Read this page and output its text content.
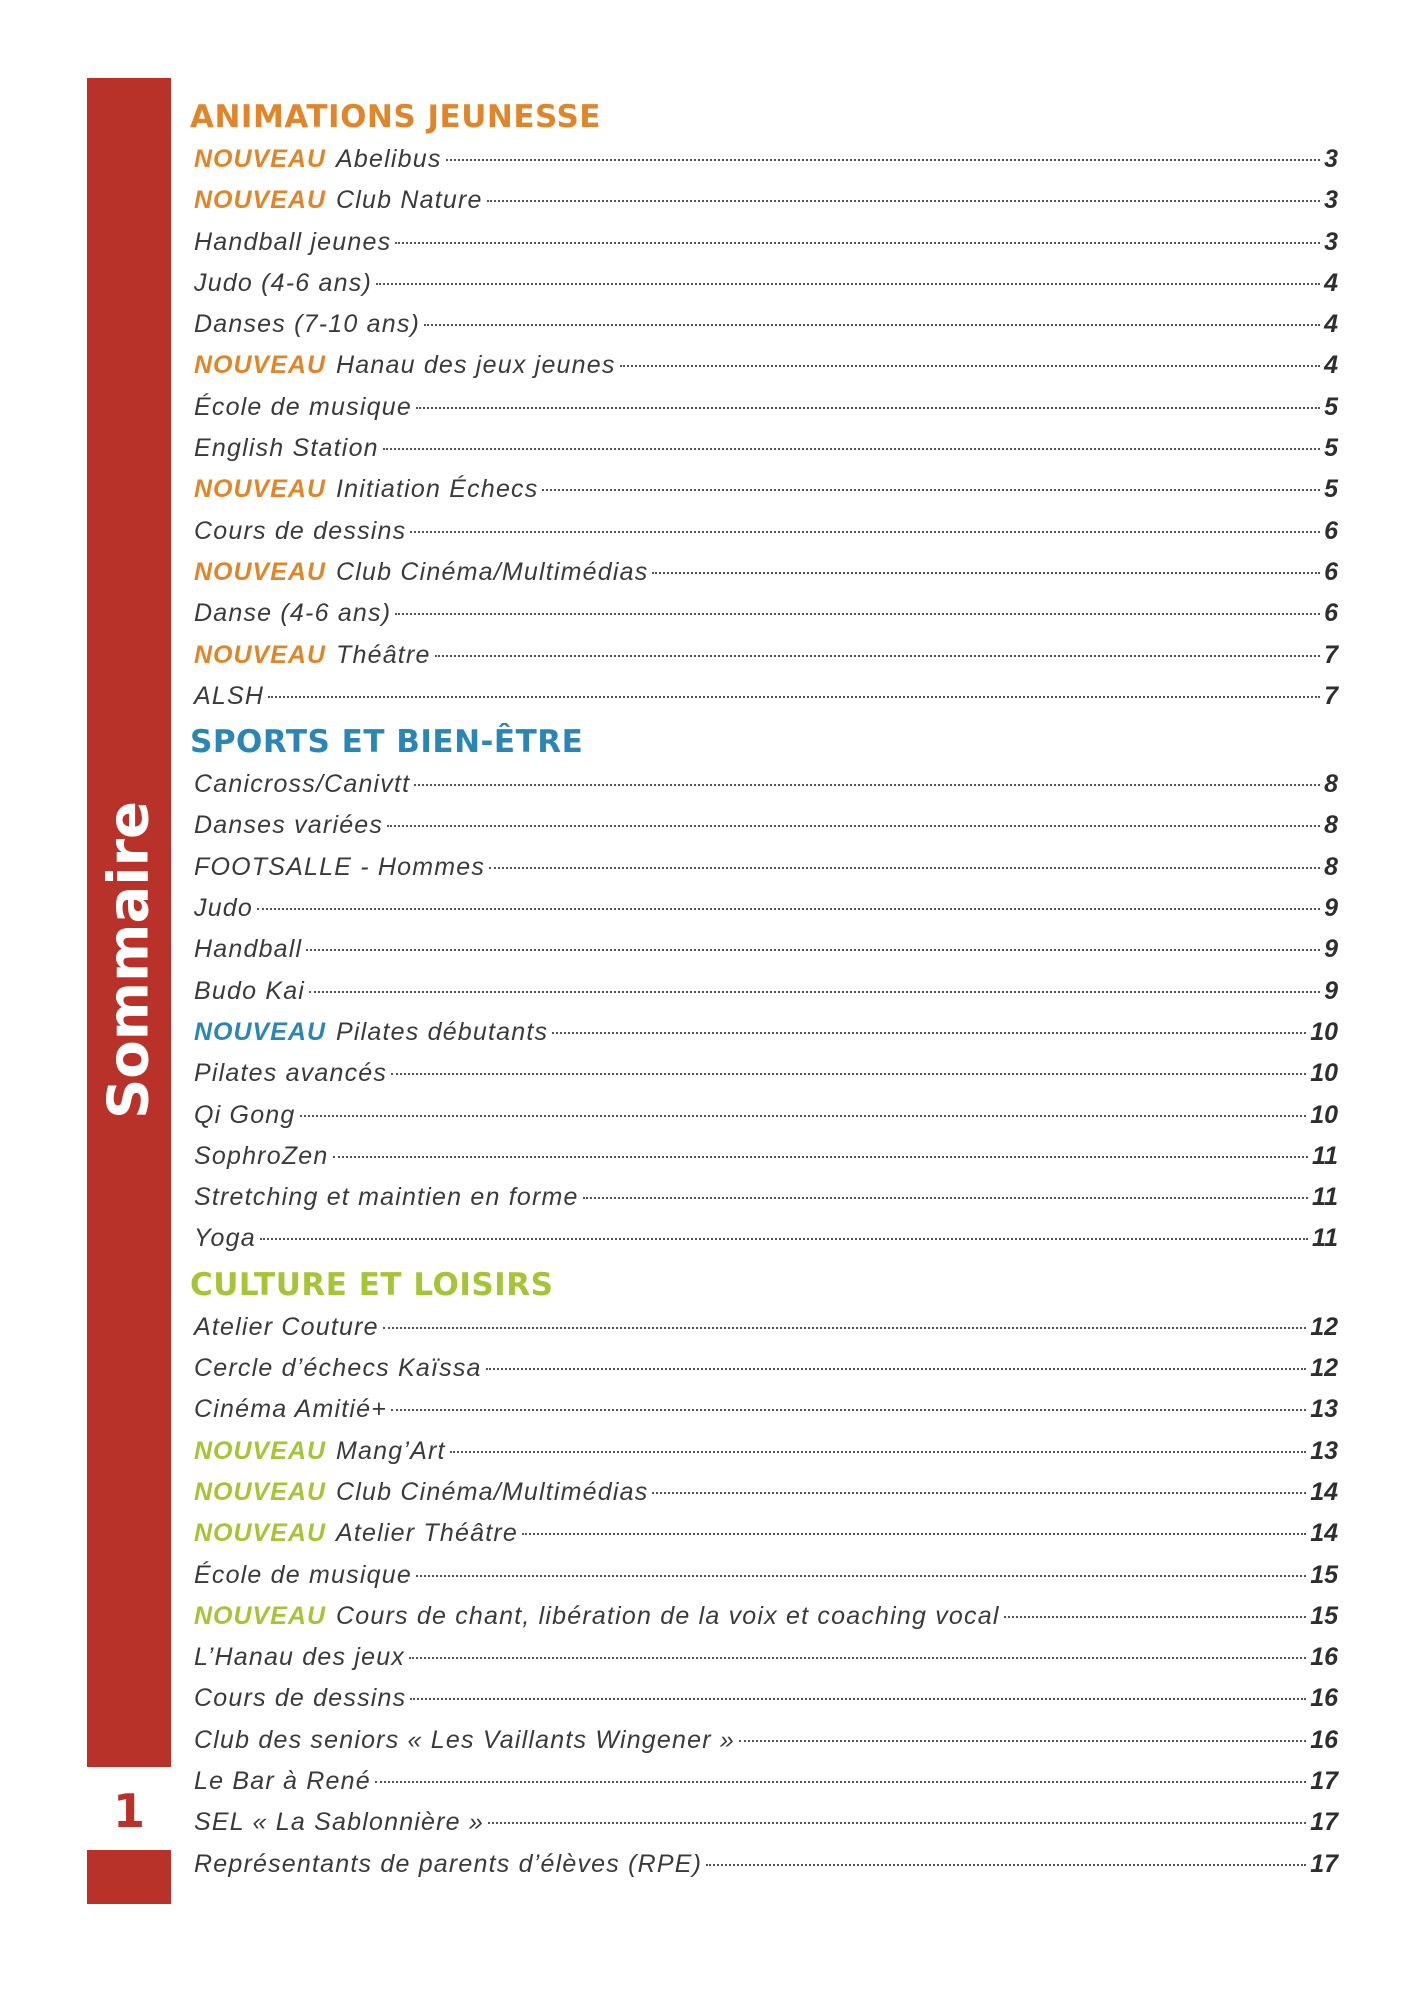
Sommaire
1
ANIMATIONS JEUNESSE
NOUVEAU Abelibus	3
NOUVEAU Club Nature	3
Handball jeunes	3
Judo (4-6 ans)	4
Danses (7-10 ans)	4
NOUVEAU Hanau des jeux jeunes	4
École de musique	5
English Station	5
NOUVEAU Initiation Échecs	5
Cours de dessins	6
NOUVEAU Club Cinéma/Multimédias	6
Danse (4-6 ans)	6
NOUVEAU Théâtre	7
ALSH	7
SPORTS ET BIEN-ÊTRE
Canicross/Canivtt	8
Danses variées	8
FOOTSALLE - Hommes	8
Judo	9
Handball	9
Budo Kai	9
NOUVEAU Pilates débutants	10
Pilates avancés	10
Qi Gong	10
SophroZen	11
Stretching et maintien en forme	11
Yoga	11
CULTURE ET LOISIRS
Atelier Couture	12
Cercle d’échecs Kaïssa	12
Cinéma Amitié+	13
NOUVEAU Mang’Art	13
NOUVEAU Club Cinéma/Multimédias	14
NOUVEAU Atelier Théâtre	14
École de musique	15
NOUVEAU Cours de chant, libération de la voix et coaching vocal	15
L’Hanau des jeux	16
Cours de dessins	16
Club des seniors « Les Vaillants Wingener »	16
Le Bar à René	17
SEL « La Sablonnière »	17
Représentants de parents d’élèves (RPE)	17
